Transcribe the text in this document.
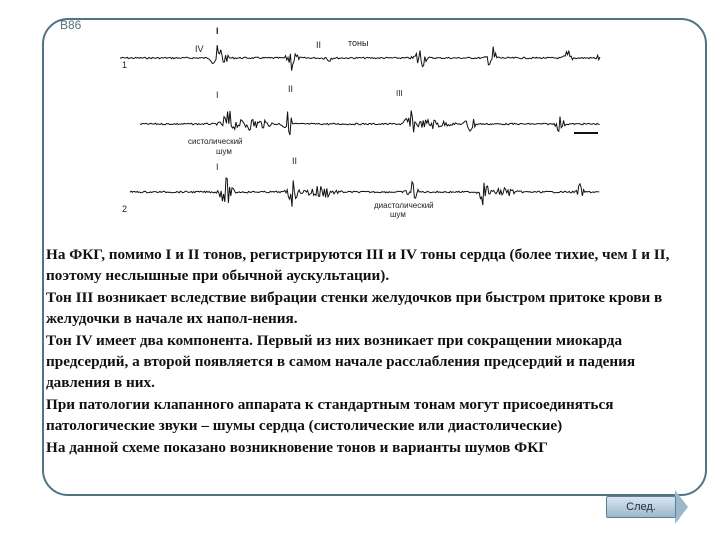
В86
1
IV
I
II	тоны
I
II	III
систолический
шум
2
I
II
диастолический
шум

На ФКГ, помимо I и II тонов, регистрируются III и IV тоны сердца (более тихие, чем I и II, поэтому неслышные при обычной аускультации).

Тон III возникает вследствие вибрации стенки желудочков при быстром притоке крови в желудочки в начале их напол-нения.

Тон IV имеет два компонента. Первый из них возникает при сокращении миокарда предсердий, а второй появляется в самом начале расслабления предсердий и падения давления в них.

При патологии клапанного аппарата к стандартным тонам могут присоединяться патологические звуки – шумы сердца (систолические или диастолические)

На данной схеме показано возникновение тонов и варианты шумов ФКГ

След.
